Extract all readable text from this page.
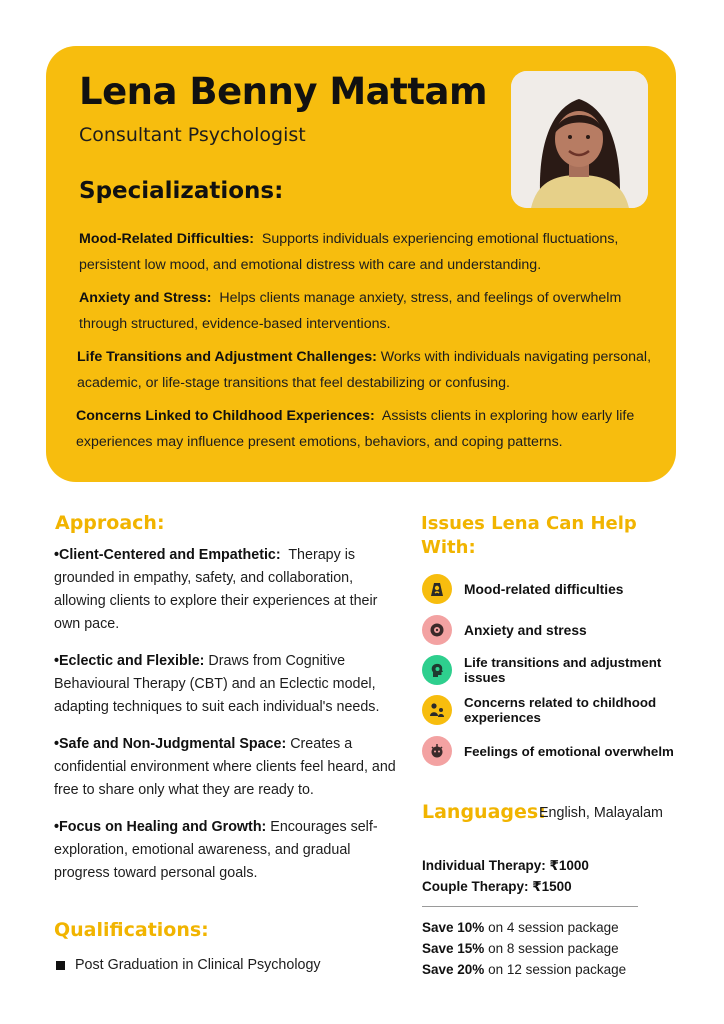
Lena Benny Mattam
Consultant Psychologist
Specializations:
Mood-Related Difficulties: Supports individuals experiencing emotional fluctuations, persistent low mood, and emotional distress with care and understanding.
Anxiety and Stress: Helps clients manage anxiety, stress, and feelings of overwhelm through structured, evidence-based interventions.
Life Transitions and Adjustment Challenges: Works with individuals navigating personal, academic, or life-stage transitions that feel destabilizing or confusing.
Concerns Linked to Childhood Experiences: Assists clients in exploring how early life experiences may influence present emotions, behaviors, and coping patterns.
Approach:
•Client-Centered and Empathetic: Therapy is grounded in empathy, safety, and collaboration, allowing clients to explore their experiences at their own pace.
•Eclectic and Flexible: Draws from Cognitive Behavioural Therapy (CBT) and an Eclectic model, adapting techniques to suit each individual's needs.
•Safe and Non-Judgmental Space: Creates a confidential environment where clients feel heard, and free to share only what they are ready to.
•Focus on Healing and Growth: Encourages self-exploration, emotional awareness, and gradual progress toward personal goals.
Qualifications:
Post Graduation in Clinical Psychology
Issues Lena Can Help With:
Mood-related difficulties
Anxiety and stress
Life transitions and adjustment issues
Concerns related to childhood experiences
Feelings of emotional overwhelm
Languages:
English, Malayalam
Individual Therapy: ₹1000
Couple Therapy: ₹1500
Save 10% on 4 session package
Save 15% on 8 session package
Save 20% on 12 session package
